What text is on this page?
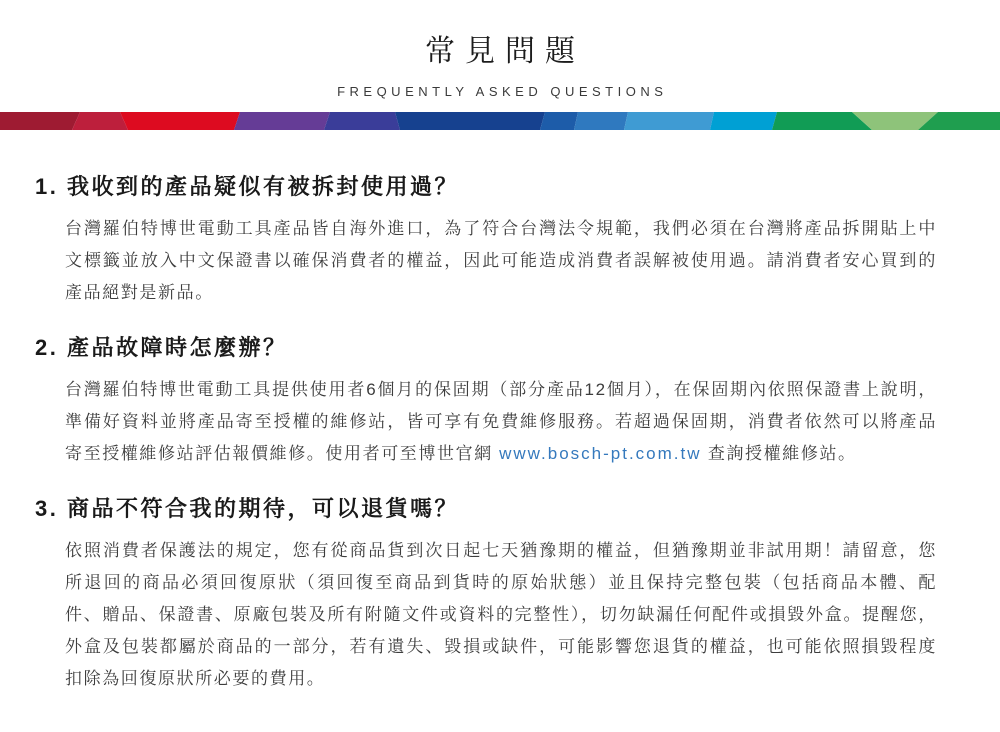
常見問題
FREQUENTLY ASKED QUESTIONS
1. 我收到的產品疑似有被拆封使用過？

台灣羅伯特博世電動工具產品皆自海外進口，為了符合台灣法令規範，我們必須在台灣將產品拆開貼上中文標籤並放入中文保證書以確保消費者的權益，因此可能造成消費者誤解被使用過。請消費者安心買到的產品絕對是新品。

2. 產品故障時怎麼辦？

台灣羅伯特博世電動工具提供使用者6個月的保固期（部分產品12個月），在保固期內依照保證書上說明，準備好資料並將產品寄至授權的維修站，皆可享有免費維修服務。若超過保固期，消費者依然可以將產品寄至授權維修站評估報價維修。使用者可至博世官網 www.bosch-pt.com.tw 查詢授權維修站。

3. 商品不符合我的期待，可以退貨嗎？

依照消費者保護法的規定，您有從商品貨到次日起七天猶豫期的權益，但猶豫期並非試用期！請留意，您所退回的商品必須回復原狀（須回復至商品到貨時的原始狀態）並且保持完整包裝（包括商品本體、配件、贈品、保證書、原廠包裝及所有附隨文件或資料的完整性），切勿缺漏任何配件或損毀外盒。提醒您，外盒及包裝都屬於商品的一部分，若有遺失、毀損或缺件，可能影響您退貨的權益，也可能依照損毀程度扣除為回復原狀所必要的費用。
